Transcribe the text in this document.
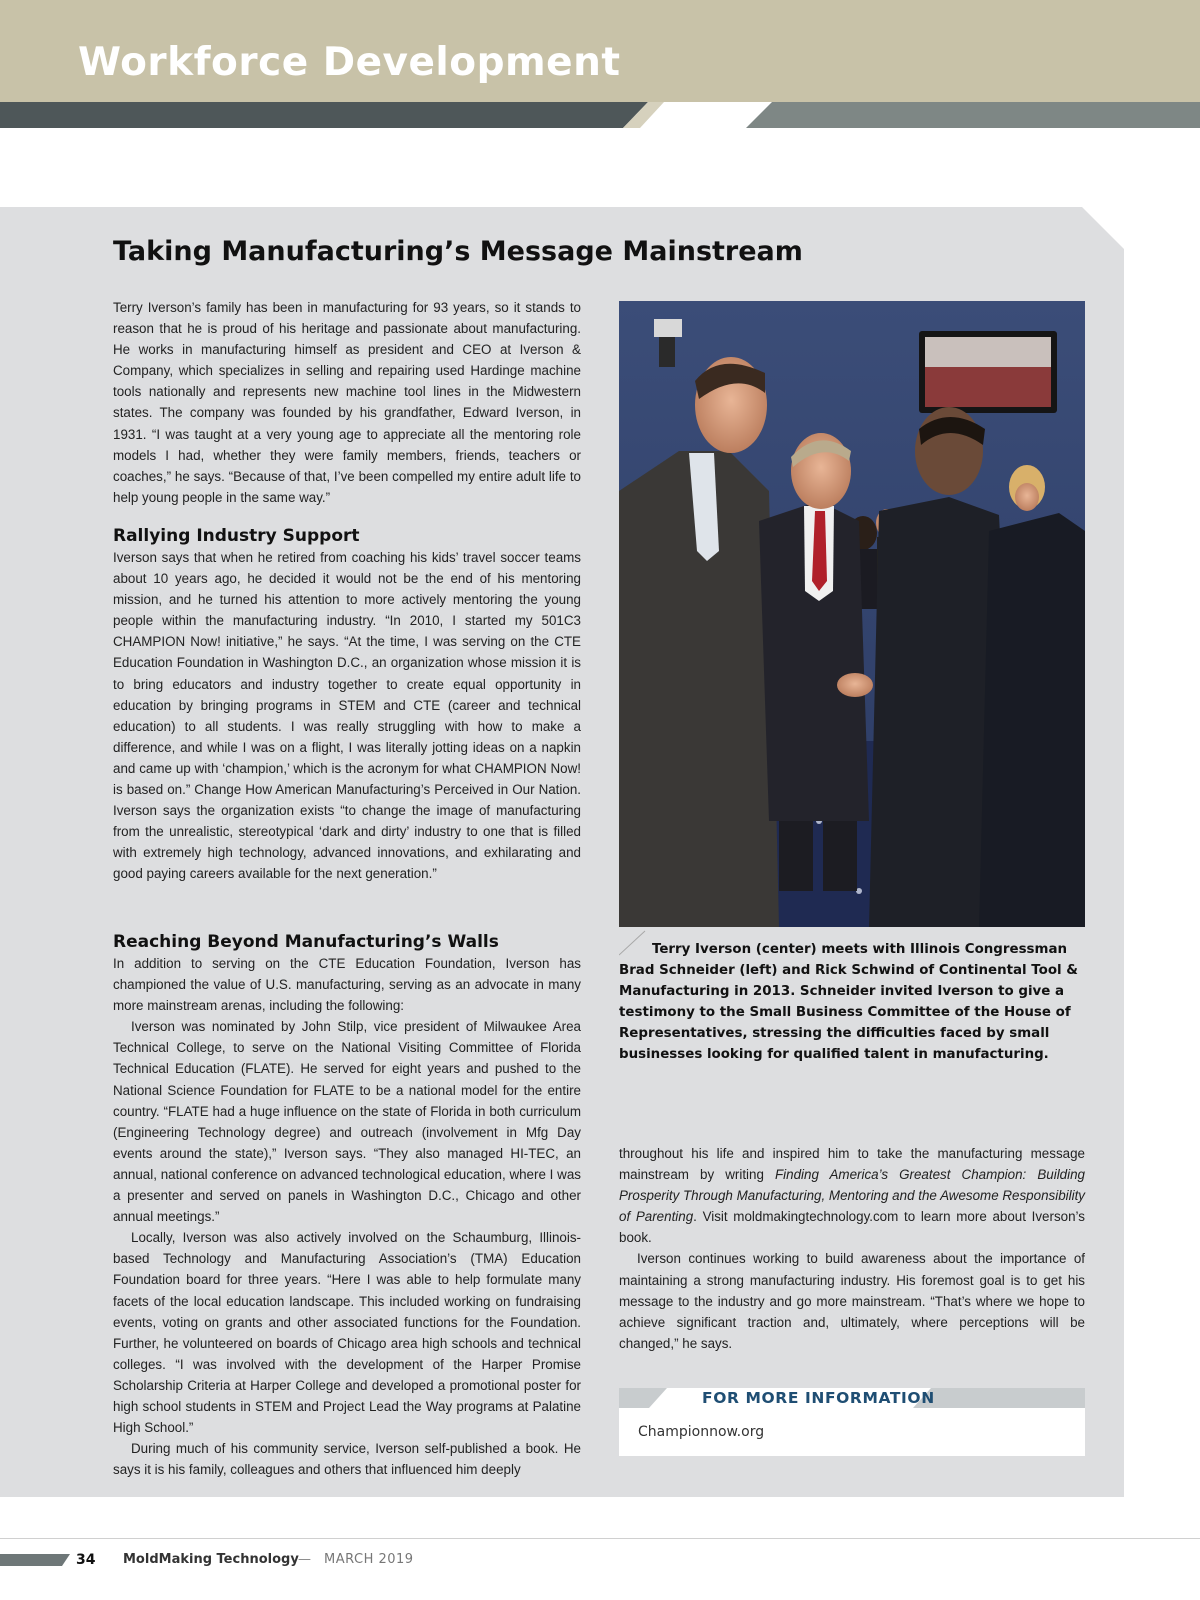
Workforce Development
Taking Manufacturing’s Message Mainstream

Terry Iverson’s family has been in manufacturing for 93 years, so it stands to reason that he is proud of his heritage and passionate about manufacturing. He works in manufacturing himself as president and CEO at Iverson & Company, which specializes in selling and repairing used Hardinge machine tools nationally and represents new machine tool lines in the Midwestern states. The company was founded by his grandfather, Edward Iverson, in 1931. “I was taught at a very young age to appreciate all the mentoring role models I had, whether they were family members, friends, teachers or coaches,” he says. “Because of that, I’ve been compelled my entire adult life to help young people in the same way.”

Rallying Industry Support

Iverson says that when he retired from coaching his kids’ travel soccer teams about 10 years ago, he decided it would not be the end of his mentoring mission, and he turned his attention to more actively mentoring the young people within the manufacturing industry. “In 2010, I started my 501C3 CHAMPION Now! initiative,” he says. “At the time, I was serving on the CTE Education Foundation in Washington D.C., an organization whose mission it is to bring educators and industry together to create equal opportunity in education by bringing programs in STEM and CTE (career and technical education) to all students. I was really struggling with how to make a difference, and while I was on a flight, I was literally jotting ideas on a napkin and came up with ‘champion,’ which is the acronym for what CHAMPION Now! is based on.” Change How American Manufacturing’s Perceived in Our Nation. Iverson says the organization exists “to change the image of manufacturing from the unrealistic, stereotypical ‘dark and dirty’ industry to one that is filled with extremely high technology, advanced innovations, and exhilarating and good paying careers available for the next generation.”

Reaching Beyond Manufacturing’s Walls

In addition to serving on the CTE Education Foundation, Iverson has championed the value of U.S. manufacturing, serving as an advocate in many more mainstream arenas, including the following:

Iverson was nominated by John Stilp, vice president of Milwaukee Area Technical College, to serve on the National Visiting Committee of Florida Technical Education (FLATE). He served for eight years and pushed to the National Science Foundation for FLATE to be a national model for the entire country. “FLATE had a huge influence on the state of Florida in both curriculum (Engineering Technology degree) and outreach (involvement in Mfg Day events around the state),” Iverson says. “They also managed HI-TEC, an annual, national conference on advanced technological education, where I was a presenter and served on panels in Washington D.C., Chicago and other annual meetings.”

Locally, Iverson was also actively involved on the Schaumburg, Illinois-based Technology and Manufacturing Association’s (TMA) Education Foundation board for three years. “Here I was able to help formulate many facets of the local education landscape. This included working on fundraising events, voting on grants and other associated functions for the Foundation. Further, he volunteered on boards of Chicago area high schools and technical colleges. “I was involved with the development of the Harper Promise Scholarship Criteria at Harper College and developed a promotional poster for high school students in STEM and Project Lead the Way programs at Palatine High School.”

During much of his community service, Iverson self-published a book. He says it is his family, colleagues and others that influenced him deeply

Terry Iverson (center) meets with Illinois Congressman Brad Schneider (left) and Rick Schwind of Continental Tool & Manufacturing in 2013. Schneider invited Iverson to give a testimony to the Small Business Committee of the House of Representatives, stressing the difficulties faced by small businesses looking for qualified talent in manufacturing.

throughout his life and inspired him to take the manufacturing message mainstream by writing Finding America’s Greatest Champion: Building Prosperity Through Manufacturing, Mentoring and the Awesome Responsibility of Parenting. Visit moldmakingtechnology.com to learn more about Iverson’s book.

Iverson continues working to build awareness about the importance of maintaining a strong manufacturing industry. His foremost goal is to get his message to the industry and go more mainstream. “That’s where we hope to achieve significant traction and, ultimately, where perceptions will be changed,” he says.

FOR MORE INFORMATION
Championnow.org
34 MoldMaking Technology — MARCH 2019
